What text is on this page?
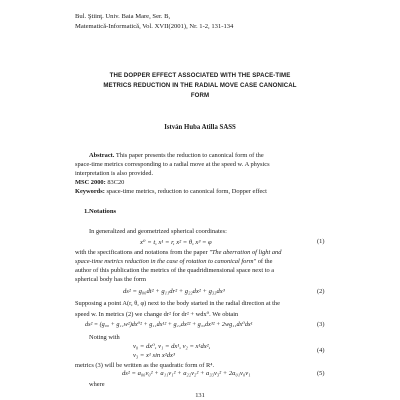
Bul. Ştiinţ. Univ. Baia Mare, Ser. B,
Matematică-Informatică, Vol. XVII(2001), Nr. 1-2, 131-134
THE DOPPER EFFECT ASSOCIATED WITH THE SPACE-TIME
METRICS REDUCTION IN THE RADIAL MOVE CASE CANONICAL
FORM
István Huba Atilla SASS
Abstract. This paper presents the reduction to canonical form of the
space-time metrics corresponding to a radial move at the speed w. A physics
interpretation is also provided.
MSC 2000: 83C20
Keywords: space-time metrics, reduction to canonical form, Dopper effect
1.Notations
In generalized and geometrized spherical coordinates:
x⁰ = t, x¹ = r, x² = θ, x³ = φ	(1)
with the specifications and notations from the paper "The aberration of light and
space-time metrics reduction in the case of rotation to canonical form" of the
author of this publication the metrics of the quadridimensional space next to a
spherical body has the form
ds² = g₀₀dt² + g₁₁dr² + g₂₂dx² + g₃₃dx³	(2)
Supposing a point A(r, θ, φ) next to the body started in the radial direction at the
speed w. In metrics (2) we change dr² for dr² + wdx⁰. We obtain
ds² = (g₀₀ + g₁₁w²)dx⁰² + g₁₁dx¹² + g₂₂dx²² + g₃₃dx³² + 2wg₁₁dx⁰dx¹	(3)
Noting with
v₀ = dx⁰, v₁ = dx¹, v₂ = x¹dx²,
v₃ = x¹ sin x²dx³
(4)
metrics (3) will be written as the quadratic form of R⁴.
ds² = a₀₀v₀² + a₁₁v₁² + a₂₂v₂² + a₃₃v₃² + 2a₀₁v₀v₁	(5)
where
131
